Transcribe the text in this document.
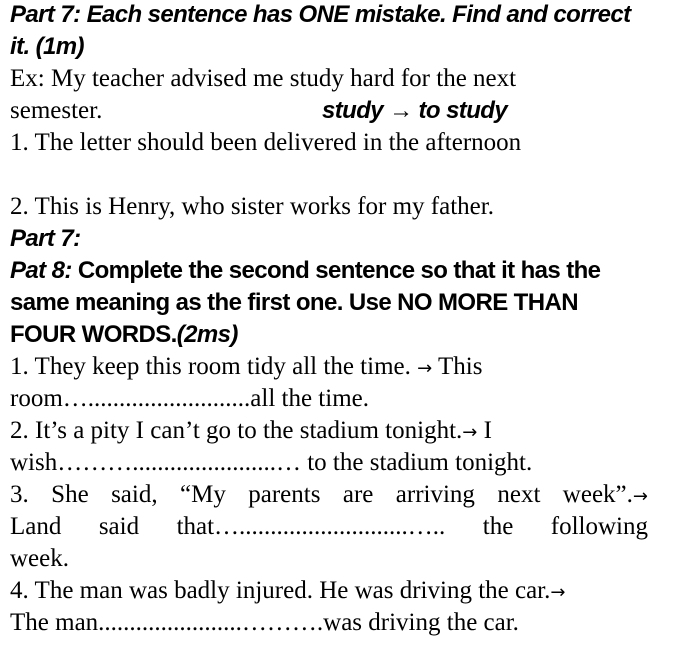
Part 7: Each sentence has ONE mistake. Find and correct
it. (1m)
Ex: My teacher advised me study hard for the next
semester.	study → to study
1. The letter should been delivered in the afternoon
2. This is Henry, who sister works for my father.
Part 7:
Pat 8: Complete the second sentence so that it has the
same meaning as the first one. Use NO MORE THAN
FOUR WORDS.(2ms)
1. They keep this room tidy all the time. → This
room…..........................all the time.
2. It’s a pity I can’t go to the stadium tonight.→ I
wish……….......................… to the stadium tonight.
3. She said, “My parents are arriving next week”.→
Land said that…...........................….. the following
week.
4. The man was badly injured. He was driving the car.→
The man.......................……….was driving the car.
